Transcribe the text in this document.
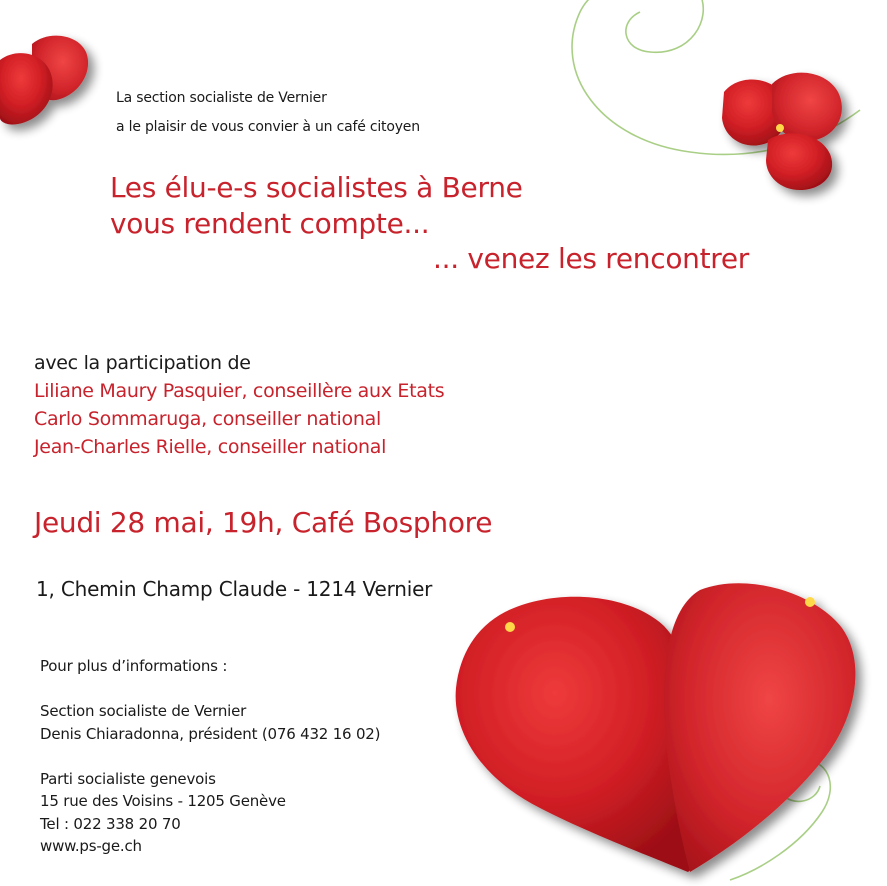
La section socialiste de Vernier
a le plaisir de vous convier à un café citoyen
Les élu-e-s socialistes à Berne
vous rendent compte...
... venez les rencontrer
avec la participation de
Liliane Maury Pasquier, conseillère aux Etats
Carlo Sommaruga, conseiller national
Jean-Charles Rielle, conseiller national
Jeudi 28 mai, 19h, Café Bosphore
1, Chemin Champ Claude - 1214 Vernier
Pour plus d’informations :
Section socialiste de Vernier
Denis Chiaradonna, président (076 432 16 02)
Parti socialiste genevois
15 rue des Voisins - 1205 Genève
Tel : 022 338 20 70
www.ps-ge.ch
